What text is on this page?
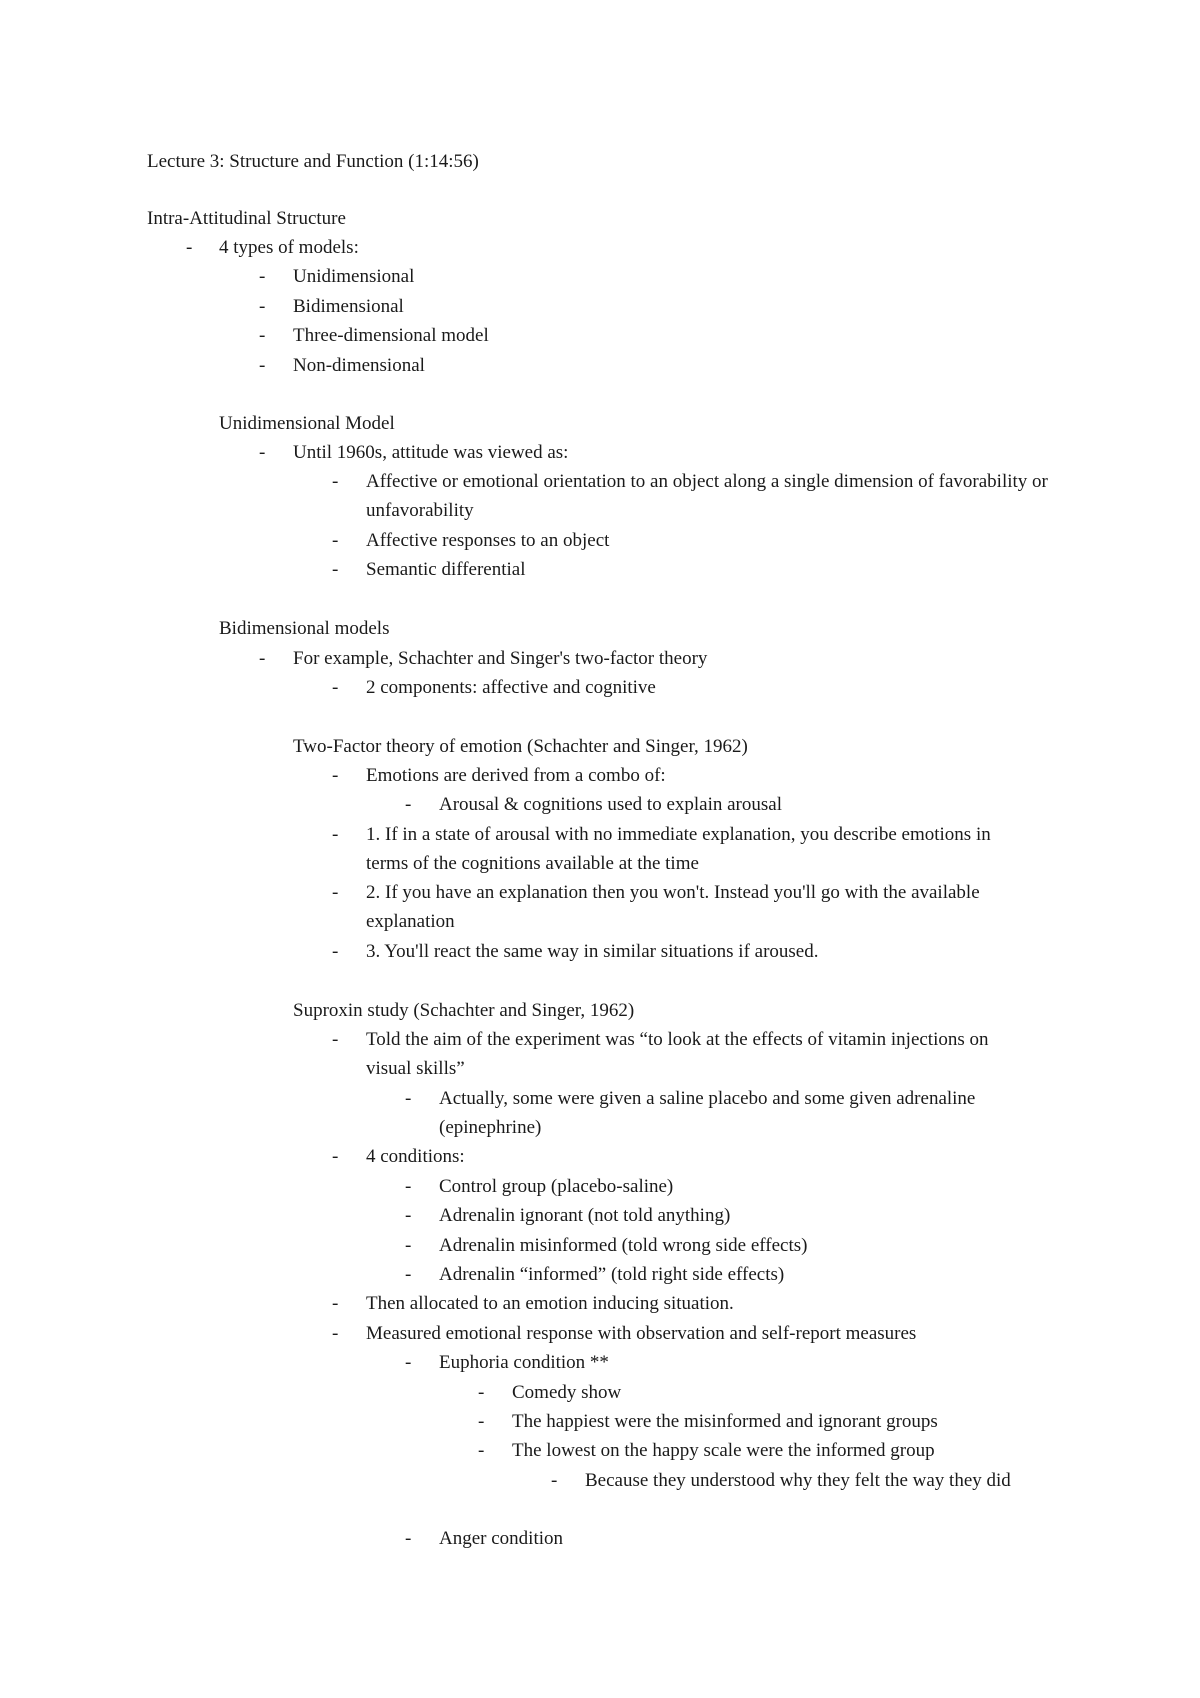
Lecture 3: Structure and Function (1:14:56)
Intra-Attitudinal Structure
- 4 types of models:
- Unidimensional
- Bidimensional
- Three-dimensional model
- Non-dimensional
Unidimensional Model
- Until 1960s, attitude was viewed as:
- Affective or emotional orientation to an object along a single dimension of favorability or unfavorability
- Affective responses to an object
- Semantic differential
Bidimensional models
- For example, Schachter and Singer's two-factor theory
- 2 components: affective and cognitive
Two-Factor theory of emotion (Schachter and Singer, 1962)
- Emotions are derived from a combo of:
- Arousal & cognitions used to explain arousal
- 1. If in a state of arousal with no immediate explanation, you describe emotions in terms of the cognitions available at the time
- 2. If you have an explanation then you won't. Instead you'll go with the available explanation
- 3. You'll react the same way in similar situations if aroused.
Suproxin study (Schachter and Singer, 1962)
- Told the aim of the experiment was “to look at the effects of vitamin injections on visual skills”
- Actually, some were given a saline placebo and some given adrenaline (epinephrine)
- 4 conditions:
- Control group (placebo-saline)
- Adrenalin ignorant (not told anything)
- Adrenalin misinformed (told wrong side effects)
- Adrenalin “informed” (told right side effects)
- Then allocated to an emotion inducing situation.
- Measured emotional response with observation and self-report measures
- Euphoria condition **
- Comedy show
- The happiest were the misinformed and ignorant groups
- The lowest on the happy scale were the informed group
- Because they understood why they felt the way they did
- Anger condition
